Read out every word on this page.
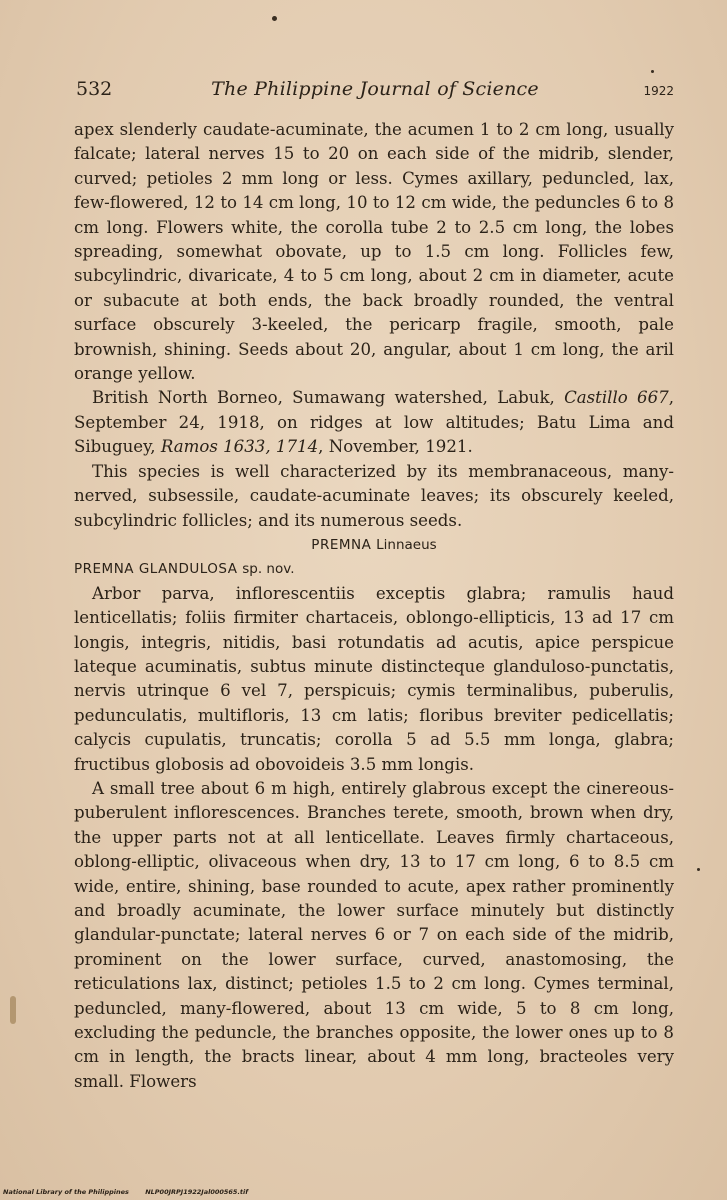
532	The Philippine Journal of Science	1922

apex slenderly caudate-acuminate, the acumen 1 to 2 cm long, usually falcate; lateral nerves 15 to 20 on each side of the midrib, slender, curved; petioles 2 mm long or less. Cymes axillary, peduncled, lax, few-flowered, 12 to 14 cm long, 10 to 12 cm wide, the peduncles 6 to 8 cm long. Flowers white, the corolla tube 2 to 2.5 cm long, the lobes spreading, somewhat obovate, up to 1.5 cm long. Follicles few, subcylindric, divaricate, 4 to 5 cm long, about 2 cm in diameter, acute or subacute at both ends, the back broadly rounded, the ventral surface obscurely 3-keeled, the pericarp fragile, smooth, pale brownish, shining. Seeds about 20, angular, about 1 cm long, the aril orange yellow.

British North Borneo, Sumawang watershed, Labuk, Castillo 667, September 24, 1918, on ridges at low altitudes; Batu Lima and Sibuguey, Ramos 1633, 1714, November, 1921.

This species is well characterized by its membranaceous, many-nerved, subsessile, caudate-acuminate leaves; its obscurely keeled, subcylindric follicles; and its numerous seeds.

PREMNA Linnaeus

PREMNA GLANDULOSA sp. nov.

Arbor parva, inflorescentiis exceptis glabra; ramulis haud lenticellatis; foliis firmiter chartaceis, oblongo-ellipticis, 13 ad 17 cm longis, integris, nitidis, basi rotundatis ad acutis, apice perspicue lateque acuminatis, subtus minute distincteque glanduloso-punctatis, nervis utrinque 6 vel 7, perspicuis; cymis terminalibus, puberulis, pedunculatis, multifloris, 13 cm latis; floribus breviter pedicellatis; calycis cupulatis, truncatis; corolla 5 ad 5.5 mm longa, glabra; fructibus globosis ad obovoideis 3.5 mm longis.

A small tree about 6 m high, entirely glabrous except the cinereous-puberulent inflorescences. Branches terete, smooth, brown when dry, the upper parts not at all lenticellate. Leaves firmly chartaceous, oblong-elliptic, olivaceous when dry, 13 to 17 cm long, 6 to 8.5 cm wide, entire, shining, base rounded to acute, apex rather prominently and broadly acuminate, the lower surface minutely but distinctly glandular-punctate; lateral nerves 6 or 7 on each side of the midrib, prominent on the lower surface, curved, anastomosing, the reticulations lax, distinct; petioles 1.5 to 2 cm long. Cymes terminal, peduncled, many-flowered, about 13 cm wide, 5 to 8 cm long, excluding the peduncle, the branches opposite, the lower ones up to 8 cm in length, the bracts linear, about 4 mm long, bracteoles very small. Flowers

National Library of the Philippines	NLP00JRPJ1922Jal000565.tif
